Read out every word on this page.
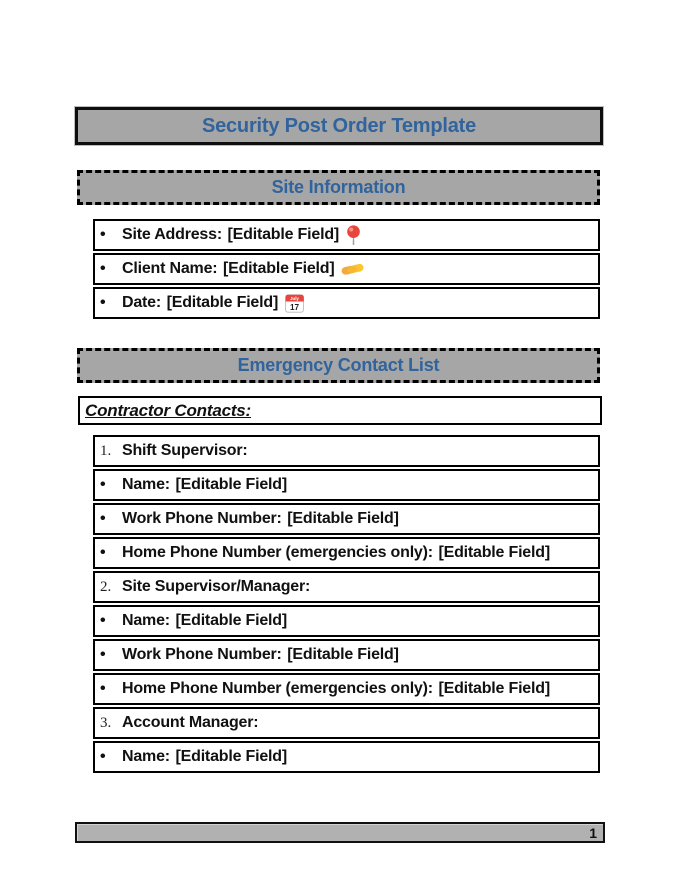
Security Post Order Template
Site Information
•	Site Address: [Editable Field]
•	Client Name: [Editable Field]
•	Date: [Editable Field]	July
17
Emergency Contact List
Contractor Contacts:
1. Shift Supervisor:
•	Name: [Editable Field]
•	Work Phone Number: [Editable Field]
•	Home Phone Number (emergencies only): [Editable Field]
2. Site Supervisor/Manager:
•	Name: [Editable Field]
•	Work Phone Number: [Editable Field]
•	Home Phone Number (emergencies only): [Editable Field]
3. Account Manager:
•	Name: [Editable Field]
1
